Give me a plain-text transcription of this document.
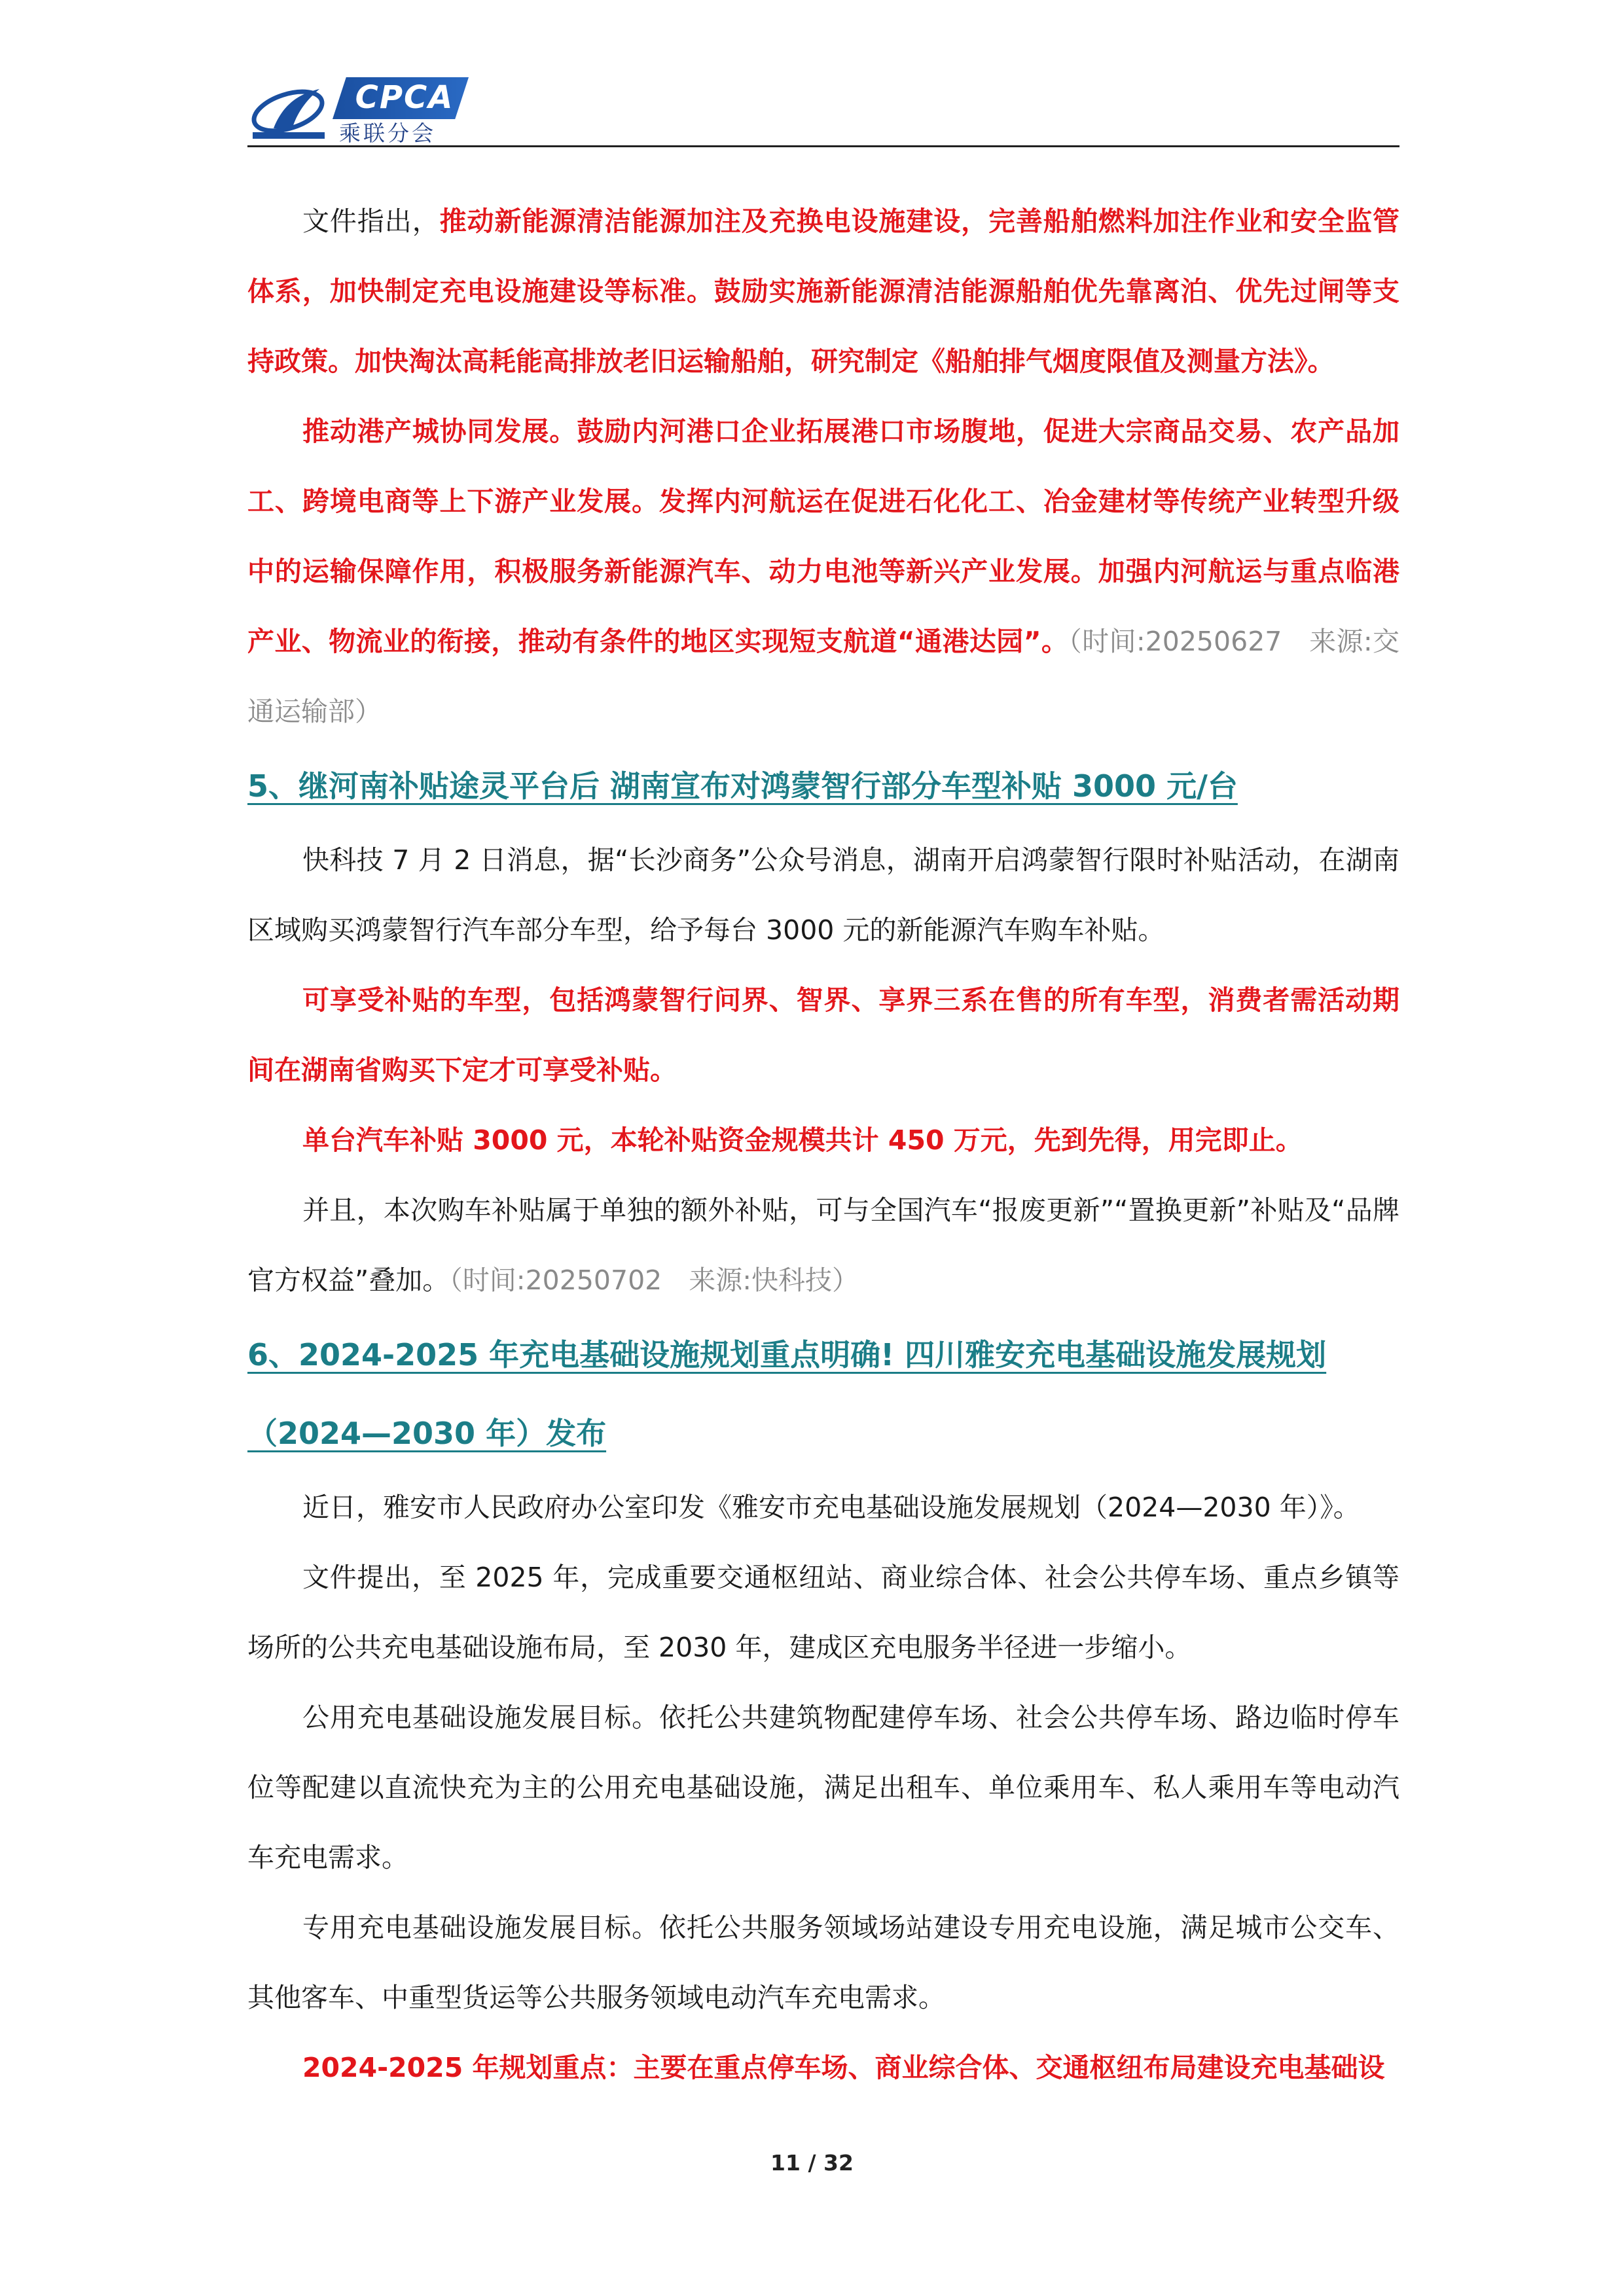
CPCA
乘联分会

文件指出，推动新能源清洁能源加注及充换电设施建设，完善船舶燃料加注作业和安全监管体系，加快制定充电设施建设等标准。鼓励实施新能源清洁能源船舶优先靠离泊、优先过闸等支持政策。加快淘汰高耗能高排放老旧运输船舶，研究制定《船舶排气烟度限值及测量方法》。

推动港产城协同发展。鼓励内河港口企业拓展港口市场腹地，促进大宗商品交易、农产品加工、跨境电商等上下游产业发展。发挥内河航运在促进石化化工、冶金建材等传统产业转型升级中的运输保障作用，积极服务新能源汽车、动力电池等新兴产业发展。加强内河航运与重点临港产业、物流业的衔接，推动有条件的地区实现短支航道“通港达园”。（时间:20250627　来源:交通运输部）

5、继河南补贴途灵平台后 湖南宣布对鸿蒙智行部分车型补贴 3000 元/台

快科技 7 月 2 日消息，据“长沙商务”公众号消息，湖南开启鸿蒙智行限时补贴活动，在湖南区域购买鸿蒙智行汽车部分车型，给予每台 3000 元的新能源汽车购车补贴。

可享受补贴的车型，包括鸿蒙智行问界、智界、享界三系在售的所有车型，消费者需活动期间在湖南省购买下定才可享受补贴。

单台汽车补贴 3000 元，本轮补贴资金规模共计 450 万元，先到先得，用完即止。

并且，本次购车补贴属于单独的额外补贴，可与全国汽车“报废更新”“置换更新”补贴及“品牌官方权益”叠加。（时间:20250702　来源:快科技）

6、2024-2025 年充电基础设施规划重点明确! 四川雅安充电基础设施发展规划（2024—2030 年）发布

近日，雅安市人民政府办公室印发《雅安市充电基础设施发展规划（2024—2030 年）》。

文件提出，至 2025 年，完成重要交通枢纽站、商业综合体、社会公共停车场、重点乡镇等场所的公共充电基础设施布局，至 2030 年，建成区充电服务半径进一步缩小。

公用充电基础设施发展目标。依托公共建筑物配建停车场、社会公共停车场、路边临时停车位等配建以直流快充为主的公用充电基础设施，满足出租车、单位乘用车、私人乘用车等电动汽车充电需求。

专用充电基础设施发展目标。依托公共服务领域场站建设专用充电设施，满足城市公交车、其他客车、中重型货运等公共服务领域电动汽车充电需求。

2024-2025 年规划重点：主要在重点停车场、商业综合体、交通枢纽布局建设充电基础设

11 / 32
